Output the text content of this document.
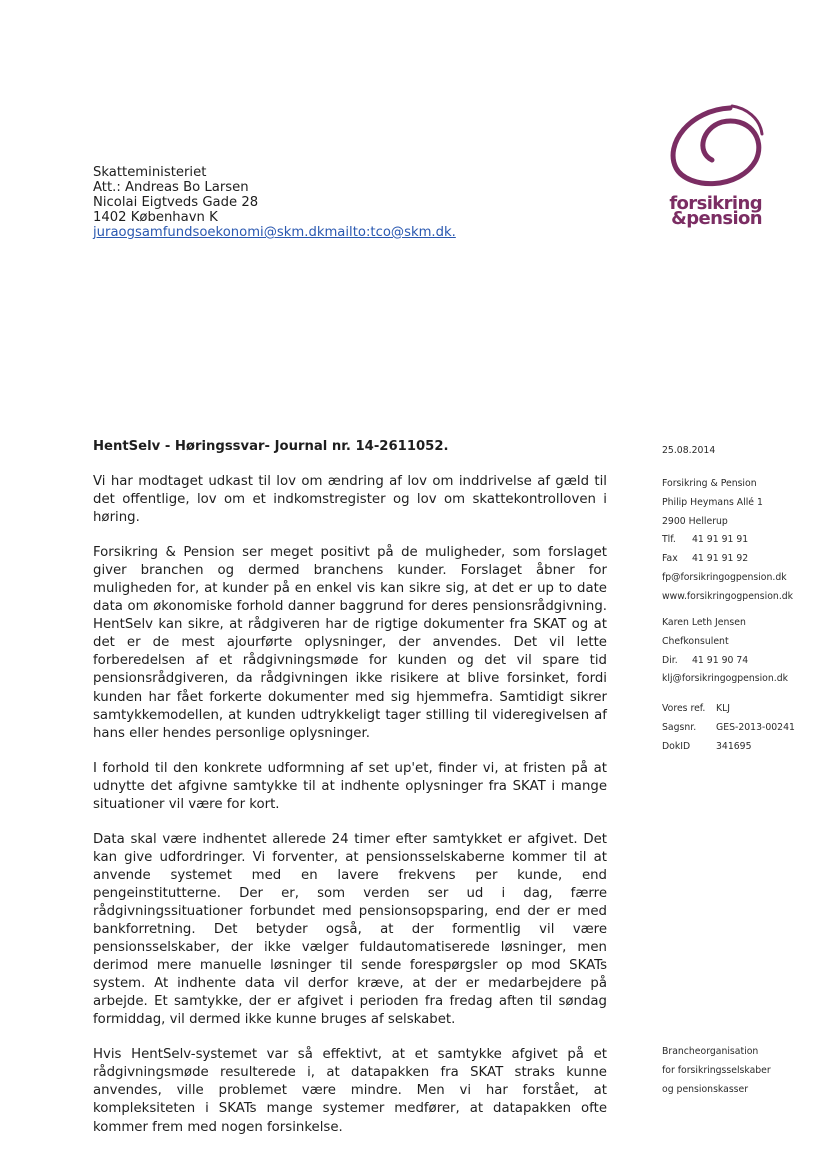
Skatteministeriet
Att.: Andreas Bo Larsen
Nicolai Eigtveds Gade 28
1402 København K
juraogsamfundsoekonomi@skm.dkmailto:tco@skm.dk.
forsikring
&pension
HentSelv - Høringssvar- Journal nr. 14-2611052.

Vi har modtaget udkast til lov om ændring af lov om inddrivelse af gæld til det offentlige, lov om et indkomstregister og lov om skattekontrolloven i høring.

Forsikring & Pension ser meget positivt på de muligheder, som forslaget giver branchen og dermed branchens kunder. Forslaget åbner for muligheden for, at kunder på en enkel vis kan sikre sig, at det er up to date data om økonomiske forhold danner baggrund for deres pensionsrådgivning. HentSelv kan sikre, at rådgiveren har de rigtige dokumenter fra SKAT og at det er de mest ajourførte oplysninger, der anvendes. Det vil lette forberedelsen af et rådgivningsmøde for kunden og det vil spare tid pensionsrådgiveren, da rådgivningen ikke risikere at blive forsinket, fordi kunden har fået forkerte dokumenter med sig hjemmefra. Samtidigt sikrer samtykkemodellen, at kunden udtrykkeligt tager stilling til videregivelsen af hans eller hendes personlige oplysninger.

I forhold til den konkrete udformning af set up'et, finder vi, at fristen på at udnytte det afgivne samtykke til at indhente oplysninger fra SKAT i mange situationer vil være for kort.

Data skal være indhentet allerede 24 timer efter samtykket er afgivet. Det kan give udfordringer. Vi forventer, at pensionsselskaberne kommer til at anvende systemet med en lavere frekvens per kunde, end pengeinstitutterne. Der er, som verden ser ud i dag, færre rådgivningssituationer forbundet med pensionsopsparing, end der er med bankforretning. Det betyder også, at der formentlig vil være pensionsselskaber, der ikke vælger fuldautomatiserede løsninger, men derimod mere manuelle løsninger til sende forespørgsler op mod SKATs system. At indhente data vil derfor kræve, at der er medarbejdere på arbejde. Et samtykke, der er afgivet i perioden fra fredag aften til søndag formiddag, vil dermed ikke kunne bruges af selskabet.

Hvis HentSelv-systemet var så effektivt, at et samtykke afgivet på et rådgivningsmøde resulterede i, at datapakken fra SKAT straks kunne anvendes, ville problemet være mindre. Men vi har forstået, at kompleksiteten i SKATs mange systemer medfører, at datapakken ofte kommer frem med nogen forsinkelse.

25.08.2014
Forsikring & Pension
Philip Heymans Allé 1
2900 Hellerup
Tlf. 41 91 91 91
Fax 41 91 91 92
fp@forsikringogpension.dk
www.forsikringogpension.dk
Karen Leth Jensen
Chefkonsulent
Dir. 41 91 90 74
klj@forsikringogpension.dk
Vores ref. KLJ
Sagsnr. GES-2013-00241
DokID	341695
Brancheorganisation
for forsikringsselskaber
og pensionskasser
